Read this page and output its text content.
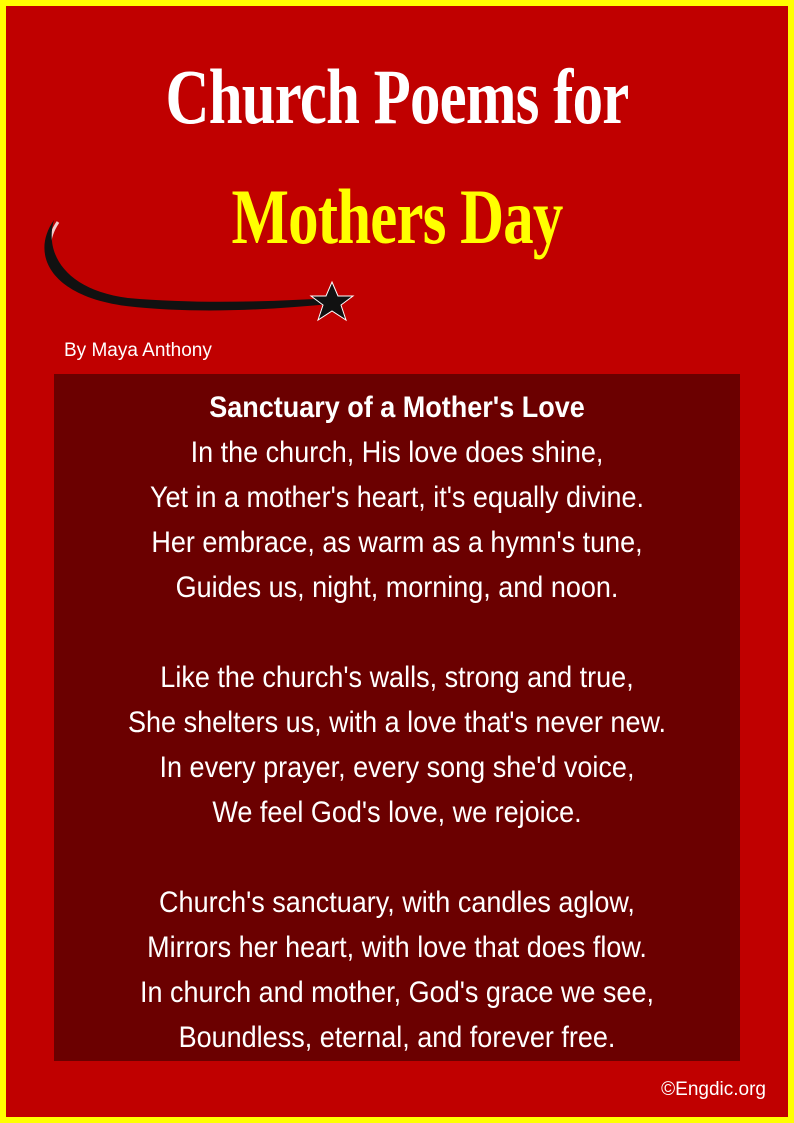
Church Poems for
Mothers Day
By Maya Anthony
Sanctuary of a Mother's Love
In the church, His love does shine,
Yet in a mother's heart, it's equally divine.
Her embrace, as warm as a hymn's tune,
Guides us, night, morning, and noon.
Like the church's walls, strong and true,
She shelters us, with a love that's never new.
In every prayer, every song she'd voice,
We feel God's love, we rejoice.
Church's sanctuary, with candles aglow,
Mirrors her heart, with love that does flow.
In church and mother, God's grace we see,
Boundless, eternal, and forever free.
©Engdic.org
